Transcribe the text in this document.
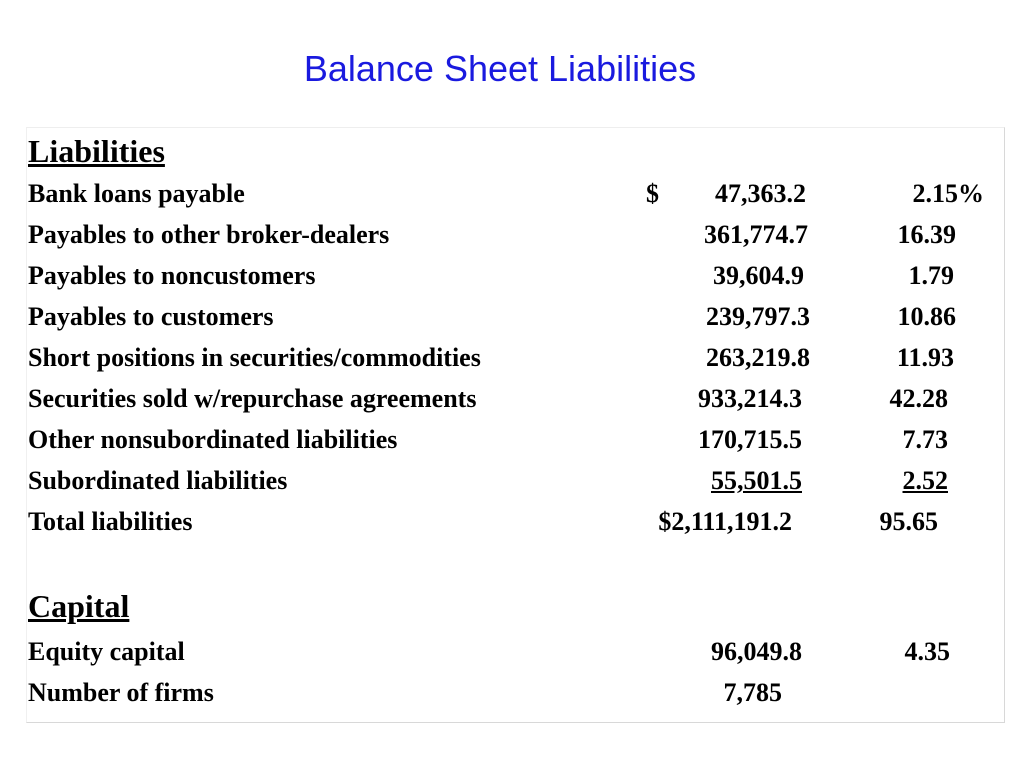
Balance Sheet Liabilities
Liabilities
Bank loans payable	$	47,363.2	2.15%
Payables to other broker-dealers	361,774.7	16.39
Payables to noncustomers	39,604.9	1.79
Payables to customers	239,797.3	10.86
Short positions in securities/commodities	263,219.8	11.93
Securities sold w/repurchase agreements	933,214.3	42.28
Other nonsubordinated liabilities	170,715.5	7.73
Subordinated liabilities	55,501.5	2.52
Total liabilities	$2,111,191.2	95.65
Capital
Equity capital	96,049.8	4.35
Number of firms	7,785
